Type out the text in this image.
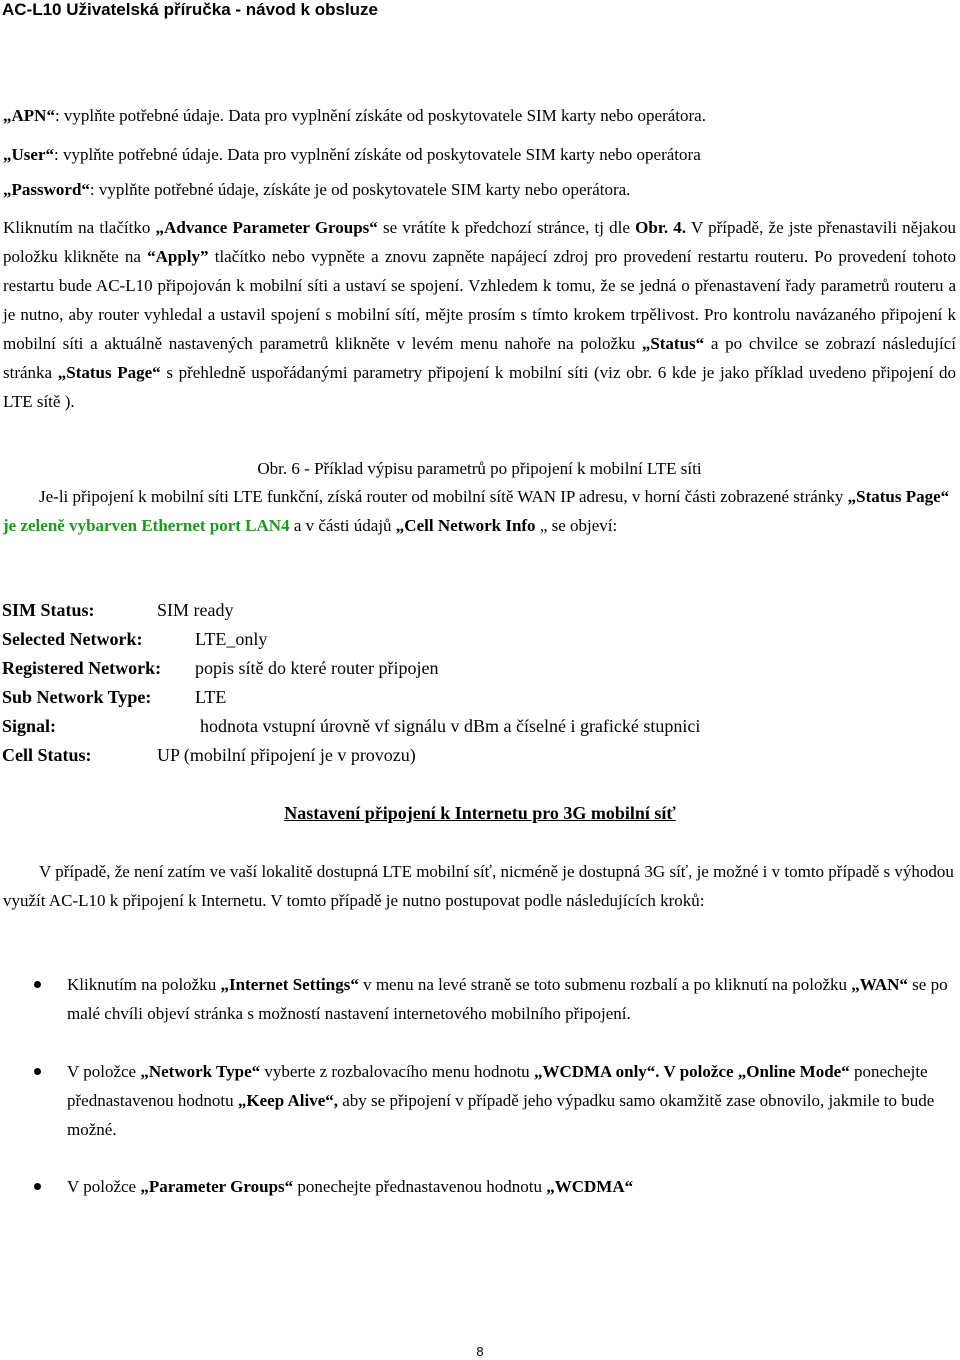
AC-L10 Uživatelská příručka - návod k obsluze
„APN“: vyplňte potřebné údaje. Data pro vyplnění získáte od poskytovatele SIM karty nebo operátora.
„User“: vyplňte potřebné údaje. Data pro vyplnění získáte od poskytovatele SIM karty nebo operátora
„Password“: vyplňte potřebné údaje, získáte je od poskytovatele SIM karty nebo operátora.
Kliknutím na tlačítko „Advance Parameter Groups“ se vrátíte k předchozí stránce, tj dle Obr. 4. V případě, že jste přenastavili nějakou položku klikněte na “Apply” tlačítko nebo vypněte a znovu zapněte napájecí zdroj pro provedení restartu routeru. Po provedení tohoto restartu bude AC-L10 připojován k mobilní síti a ustaví se spojení. Vzhledem k tomu, že se jedná o přenastavení řady parametrů routeru a je nutno, aby router vyhledal a ustavil spojení s mobilní sítí, mějte prosím s tímto krokem trpělivost. Pro kontrolu navázaného připojení k mobilní síti a aktuálně nastavených parametrů klikněte v levém menu nahoře na položku „Status“ a po chvilce se zobrazí následující stránka „Status Page“ s přehledně uspořádanými parametry připojení k mobilní síti (viz obr. 6 kde je jako příklad uvedeno připojení do LTE sítě ).
Obr. 6 - Příklad výpisu parametrů po připojení k mobilní LTE síti
Je-li připojení k mobilní síti LTE funkční, získá router od mobilní sítě WAN IP adresu, v horní části zobrazené stránky „Status Page“ je zeleně vybarven Ethernet port LAN4 a v části údajů „Cell Network Info „ se objeví:
SIM Status:	SIM ready
Selected Network:	LTE_only
Registered Network: popis sítě do které router připojen
Sub Network Type: LTE
Signal:	hodnota vstupní úrovně vf signálu v dBm a číselné i grafické stupnici
Cell Status:	UP (mobilní připojení je v provozu)
Nastavení připojení k Internetu pro 3G mobilní síť
V případě, že není zatím ve vaší lokalitě dostupná LTE mobilní síť, nicméně je dostupná 3G síť, je možné i v tomto případě s výhodou využít AC-L10 k připojení k Internetu. V tomto případě je nutno postupovat podle následujících kroků:
Kliknutím na položku „Internet Settings“ v menu na levé straně se toto submenu rozbalí a po kliknutí na položku „WAN“ se po malé chvíli objeví stránka s možností nastavení internetového mobilního připojení.
V položce „Network Type“ vyberte z rozbalovacího menu hodnotu „WCDMA only“. V položce „Online Mode“ ponechejte přednastavenou hodnotu „Keep Alive“, aby se připojení v případě jeho výpadku samo okamžitě zase obnovilo, jakmile to bude možné.
V položce „Parameter Groups“ ponechejte přednastavenou hodnotu „WCDMA“
8
